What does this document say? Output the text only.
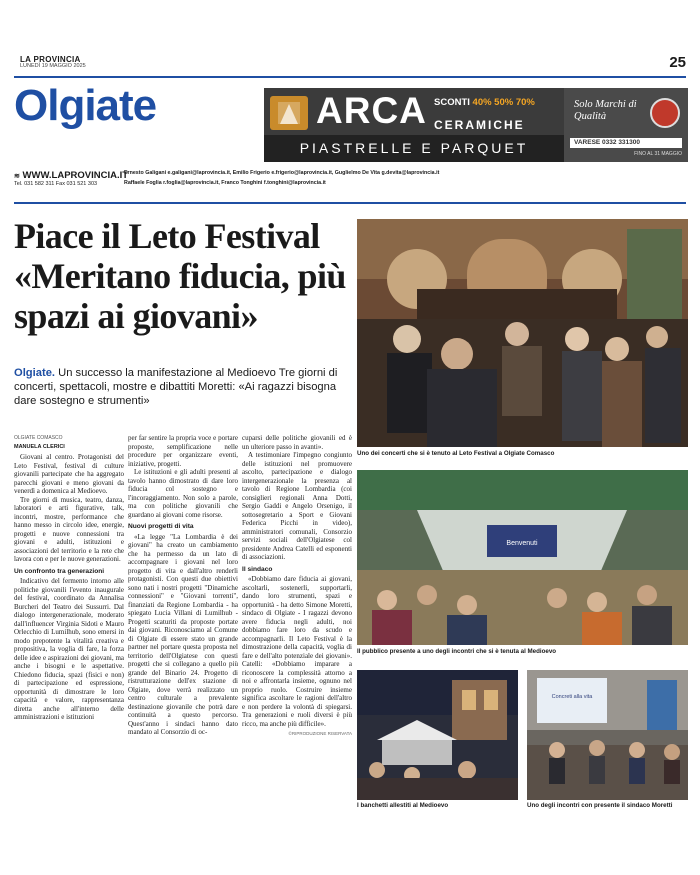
LA PROVINCIA
LUNEDÌ 19 MAGGIO 2025	25
Olgiate	ARCA SCONTI 40% 50% 70%
CERAMICHE
PIASTRELLE E PARQUET
Solo Marchi di Qualità
VARESE 0332 331300
FINO AL 31 MAGGIO
≋ WWW.LAPROVINCIA.IT
Tel. 031 582 311 Fax 031 521 303
Ernesto Galigani e.galigani@laprovincia.it, Emilio Frigerio e.frigerio@laprovincia.it, Guglielmo De Vita g.devita@laprovincia.it
Raffaele Foglia r.foglia@laprovincia.it, Franco Tonghini f.tonghini@laprovincia.it
Piace il Leto Festival «Meritano fiducia, più spazi ai giovani»
Olgiate. Un successo la manifestazione al Medioevo Tre giorni di concerti, spettacoli, mostre e dibattiti Moretti: «Ai ragazzi bisogna dare sostegno e strumenti»
OLGIATE COMASCO
MANUELA CLERICI

Giovani al centro. Protagonisti del Leto Festival, festival di culture giovanili partecipate che ha aggregato parecchi giovani e meno giovani da venerdì a domenica al Medioevo.

Tre giorni di musica, teatro, danza, laboratori e arti figurative, talk, incontri, mostre, performance che hanno messo in circolo idee, energie, progetti e nuove connessioni tra giovani e adulti, istituzioni e associazioni del territorio e la rete che lavora con e per le nuove generazioni.

Un confronto tra generazioni

Indicativo del fermento intorno alle politiche giovanili l'evento inaugurale del festival, coordinato da Annalisa Burcheri del Teatro dei Sussurri. Dal dialogo intergenerazionale, moderato dall'influencer Virginia Sidoti e Mauro Orlecchio di Lumilhub, sono emersi in modo prepotente la vitalità creativa e propositiva, la voglia di fare, la forza delle idee e aspirazioni dei giovani, ma anche i bisogni e le aspettative. Chiedono fiducia, spazi (fisici e non) di partecipazione ed espressione, opportunità di dimostrare le loro capacità e valore, rappresentanza diretta anche all'interno delle amministrazioni e istituzioni

per far sentire la propria voce e portare proposte, semplificazione nelle procedure per organizzare eventi, iniziative, progetti.

Le istituzioni e gli adulti presenti al tavolo hanno dimostrato di dare loro fiducia col sostegno e l'incoraggiamento. Non solo a parole, ma con politiche giovanili che guardano ai giovani come risorse.

Nuovi progetti di vita

«La legge "La Lombardia è dei giovani" ha creato un cambiamento che ha permesso da un lato di accompagnare i giovani nel loro progetto di vita e dall'altro renderli protagonisti. Con questi due obiettivi sono nati i nostri progetti "Dinamiche connessioni" e "Giovani torrenti", finanziati da Regione Lombardia - ha spiegato Lucia Villani di Lumilhub - Progetti scaturiti da proposte portate dai giovani. Riconosciamo al Comune di Olgiate di essere stato un grande partner nel portare questa proposta nel territorio dell'Olgiatese con questi progetti che si collegano a quello più grande del Binario 24. Progetto di ristrutturazione dell'ex stazione di Olgiate, dove verrà realizzato un centro culturale a prevalente destinazione giovanile che potrà dare continuità a questo percorso. Quest'anno i sindaci hanno dato mandato al Consorzio di oc-

cuparsi delle politiche giovanili ed è un ulteriore passo in avanti».

A testimoniare l'impegno congiunto delle istituzioni nel promuovere ascolto, partecipazione e dialogo intergenerazionale la presenza al tavolo di Regione Lombardia (coi consiglieri regionali Anna Dotti, Sergio Gaddi e Angelo Orsenigo, il sottosegretario a Sport e Giovani Federica Picchi in video), amministratori comunali, Consorzio servizi sociali dell'Olgiatese col presidente Andrea Catelli ed esponenti di associazioni.

Il sindaco

«Dobbiamo dare fiducia ai giovani, ascoltarli, sostenerli, supportarli, dando loro strumenti, spazi e opportunità - ha detto Simone Moretti, sindaco di Olgiate - I ragazzi devono avere fiducia negli adulti, noi dobbiamo fare loro da scudo e accompagnarli. Il Leto Festival è la dimostrazione della capacità, voglia di fare e dell'alto potenziale dei giovani». Catelli: «Dobbiamo imparare a riconoscere la complessità attorno a noi e affrontarla insieme, ognuno nel proprio ruolo. Costruire insieme significa ascoltare le ragioni dell'altro e non perdere la volontà di spiegarsi. Tra generazioni e ruoli diversi è più ricco, ma anche più difficile».

©RIPRODUZIONE RISERVATA
Uno dei concerti che si è tenuto al Leto Festival a Olgiate Comasco
Benvenuti
Il pubblico presente a uno degli incontri che si è tenuta al Medioevo
I banchetti allestiti al Medioevo
Concreti alla vita
Uno degli incontri con presente il sindaco Moretti
